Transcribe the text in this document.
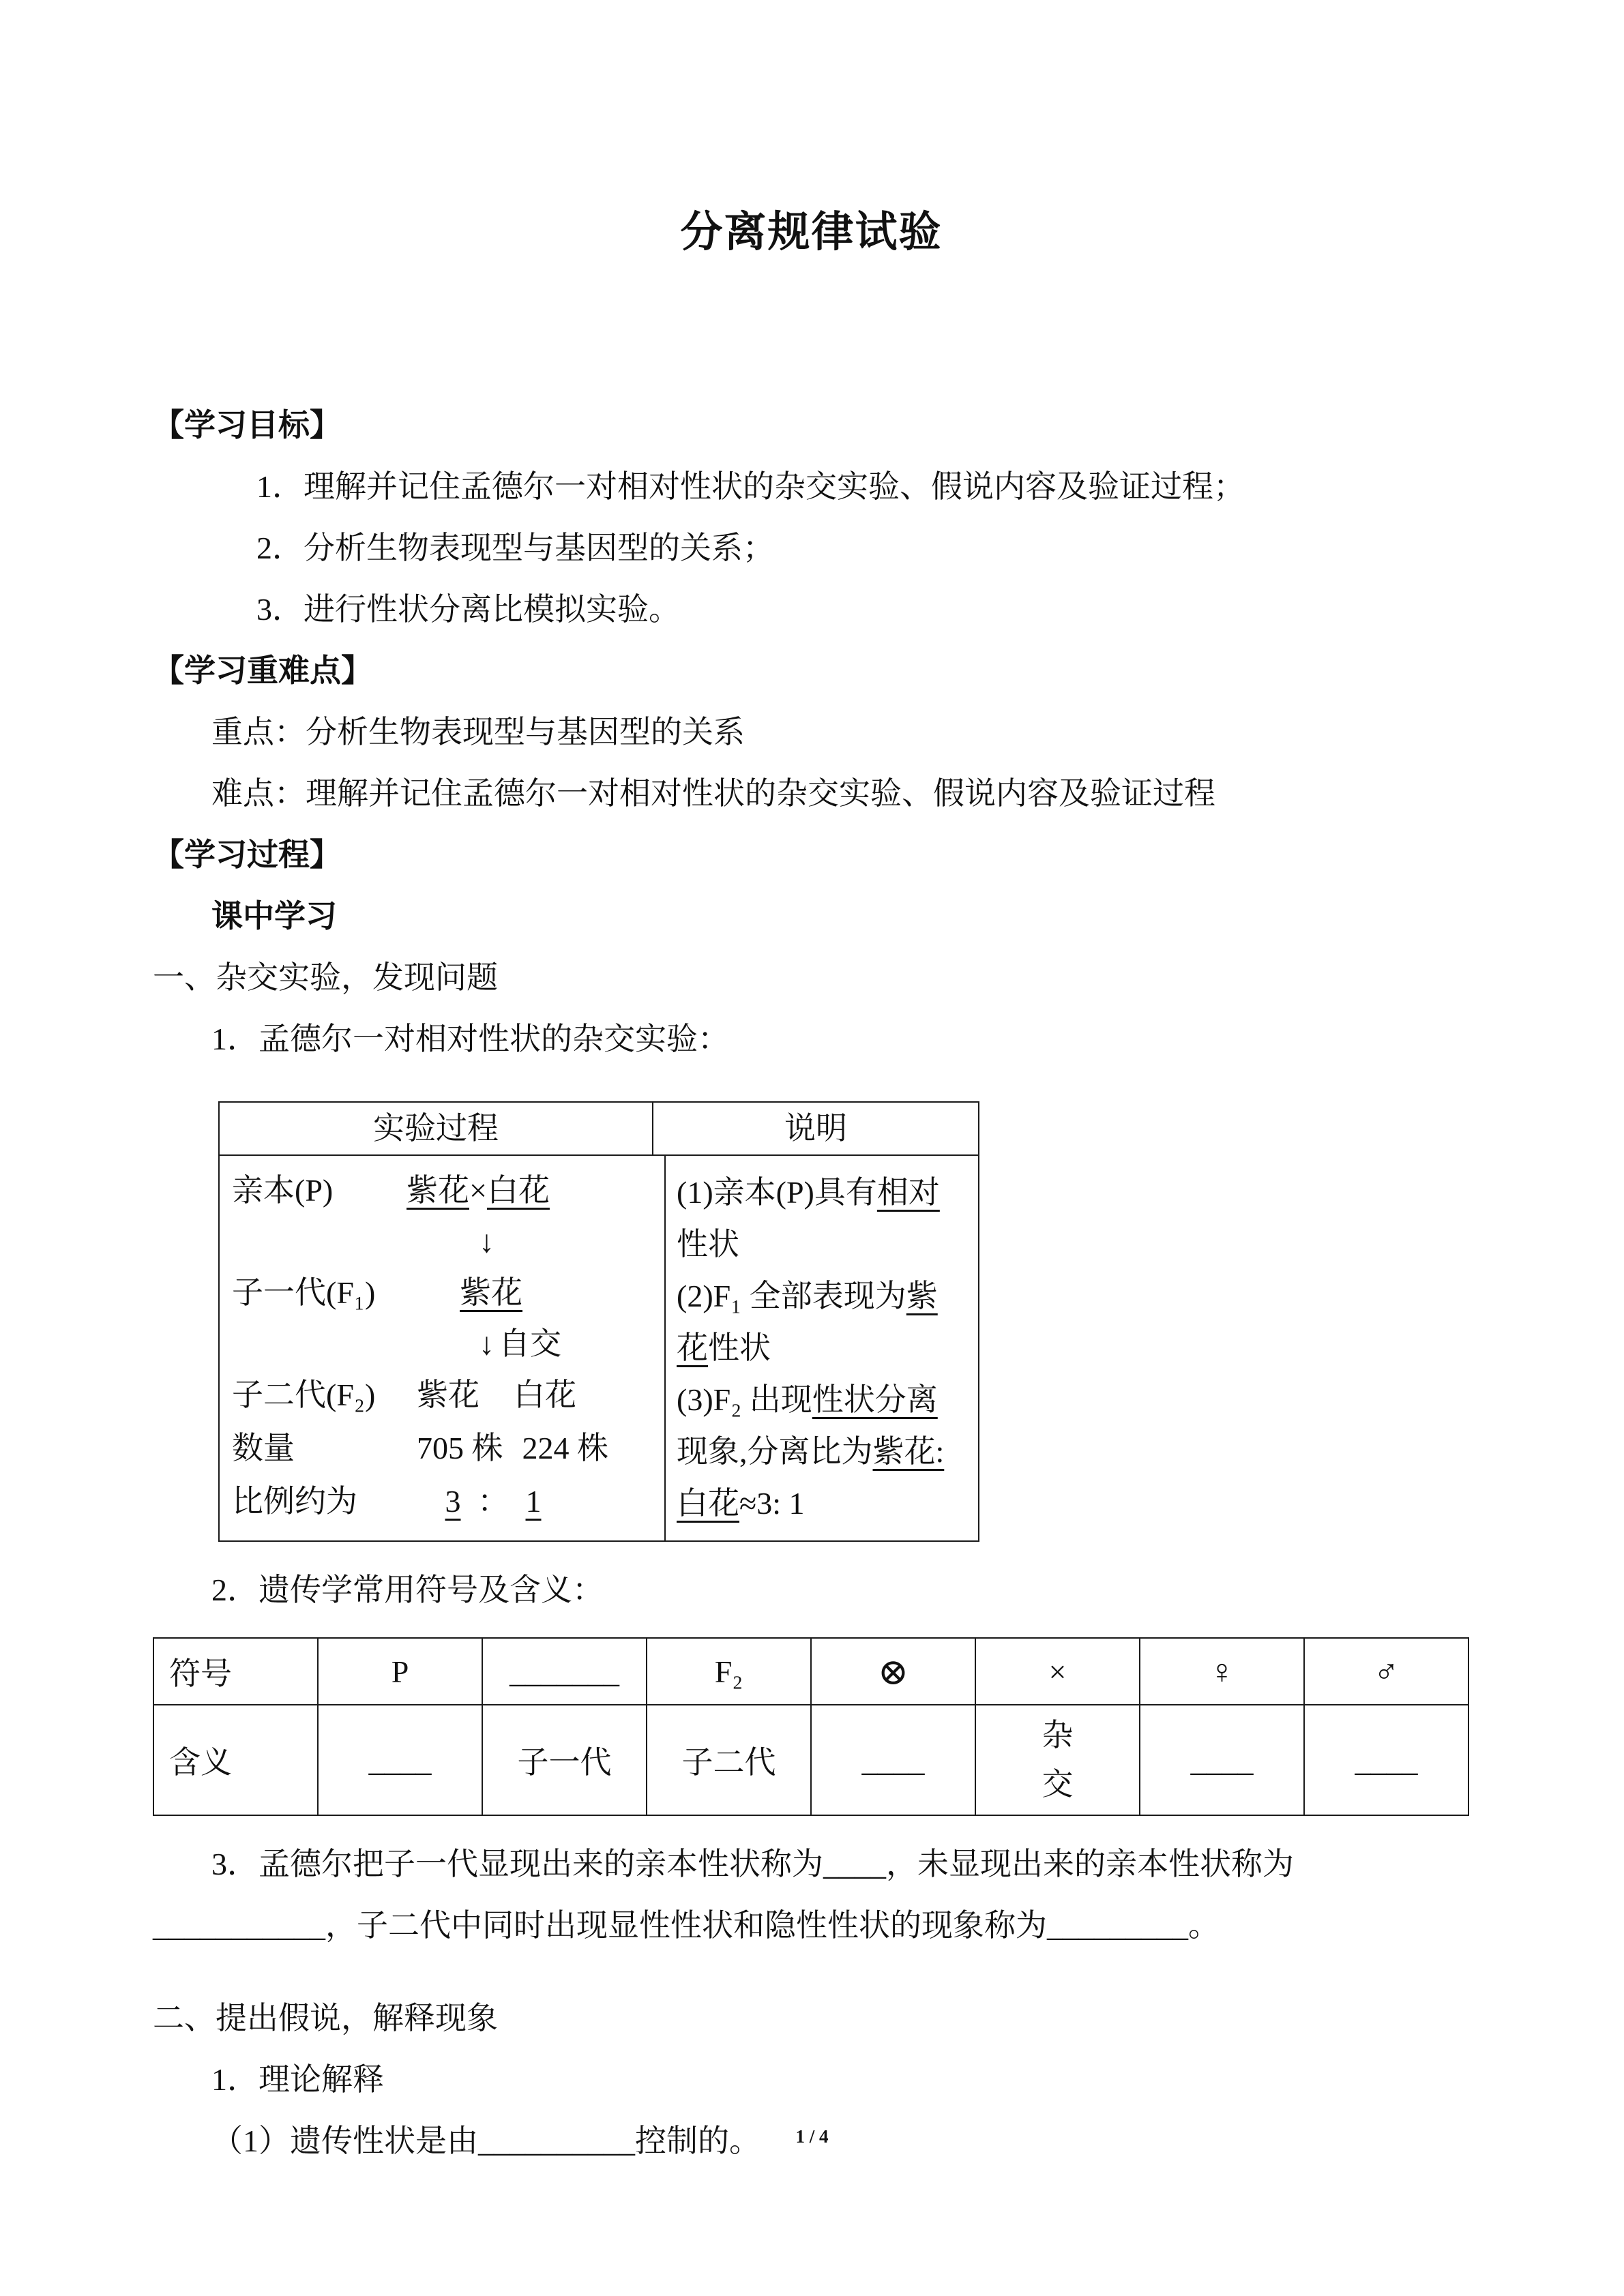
分离规律试验
【学习目标】
1．理解并记住孟德尔一对相对性状的杂交实验、假说内容及验证过程；
2．分析生物表现型与基因型的关系；
3．进行性状分离比模拟实验。
【学习重难点】
重点：分析生物表现型与基因型的关系
难点：理解并记住孟德尔一对相对性状的杂交实验、假说内容及验证过程
【学习过程】
课中学习
一、杂交实验，发现问题
1．孟德尔一对相对性状的杂交实验：
实验过程	说明
亲本(P) 紫花×白花
↓
子一代(F₁)	紫花
↓ 自交
子二代(F₂) 紫花 白花
数量	705 株 224 株
比例约为	3 ： 1

(1)亲本(P)具有相对性状

(2)F₁ 全部表现为紫花性状

(3)F₂ 出现性状分离现象,分离比为紫花: 白花≈3: 1

2．遗传学常用符号及含义：
符号	P	_______	F₂	⊗	×	♀	♂
含义	____	子一代	子二代	____	杂交	____	____

3．孟德尔把子一代显现出来的亲本性状称为____，未显现出来的亲本性状称为___________，子二代中同时出现显性性状和隐性性状的现象称为_________。

二、提出假说，解释现象
1．理论解释

（1）遗传性状是由__________控制的。	1 / 4
